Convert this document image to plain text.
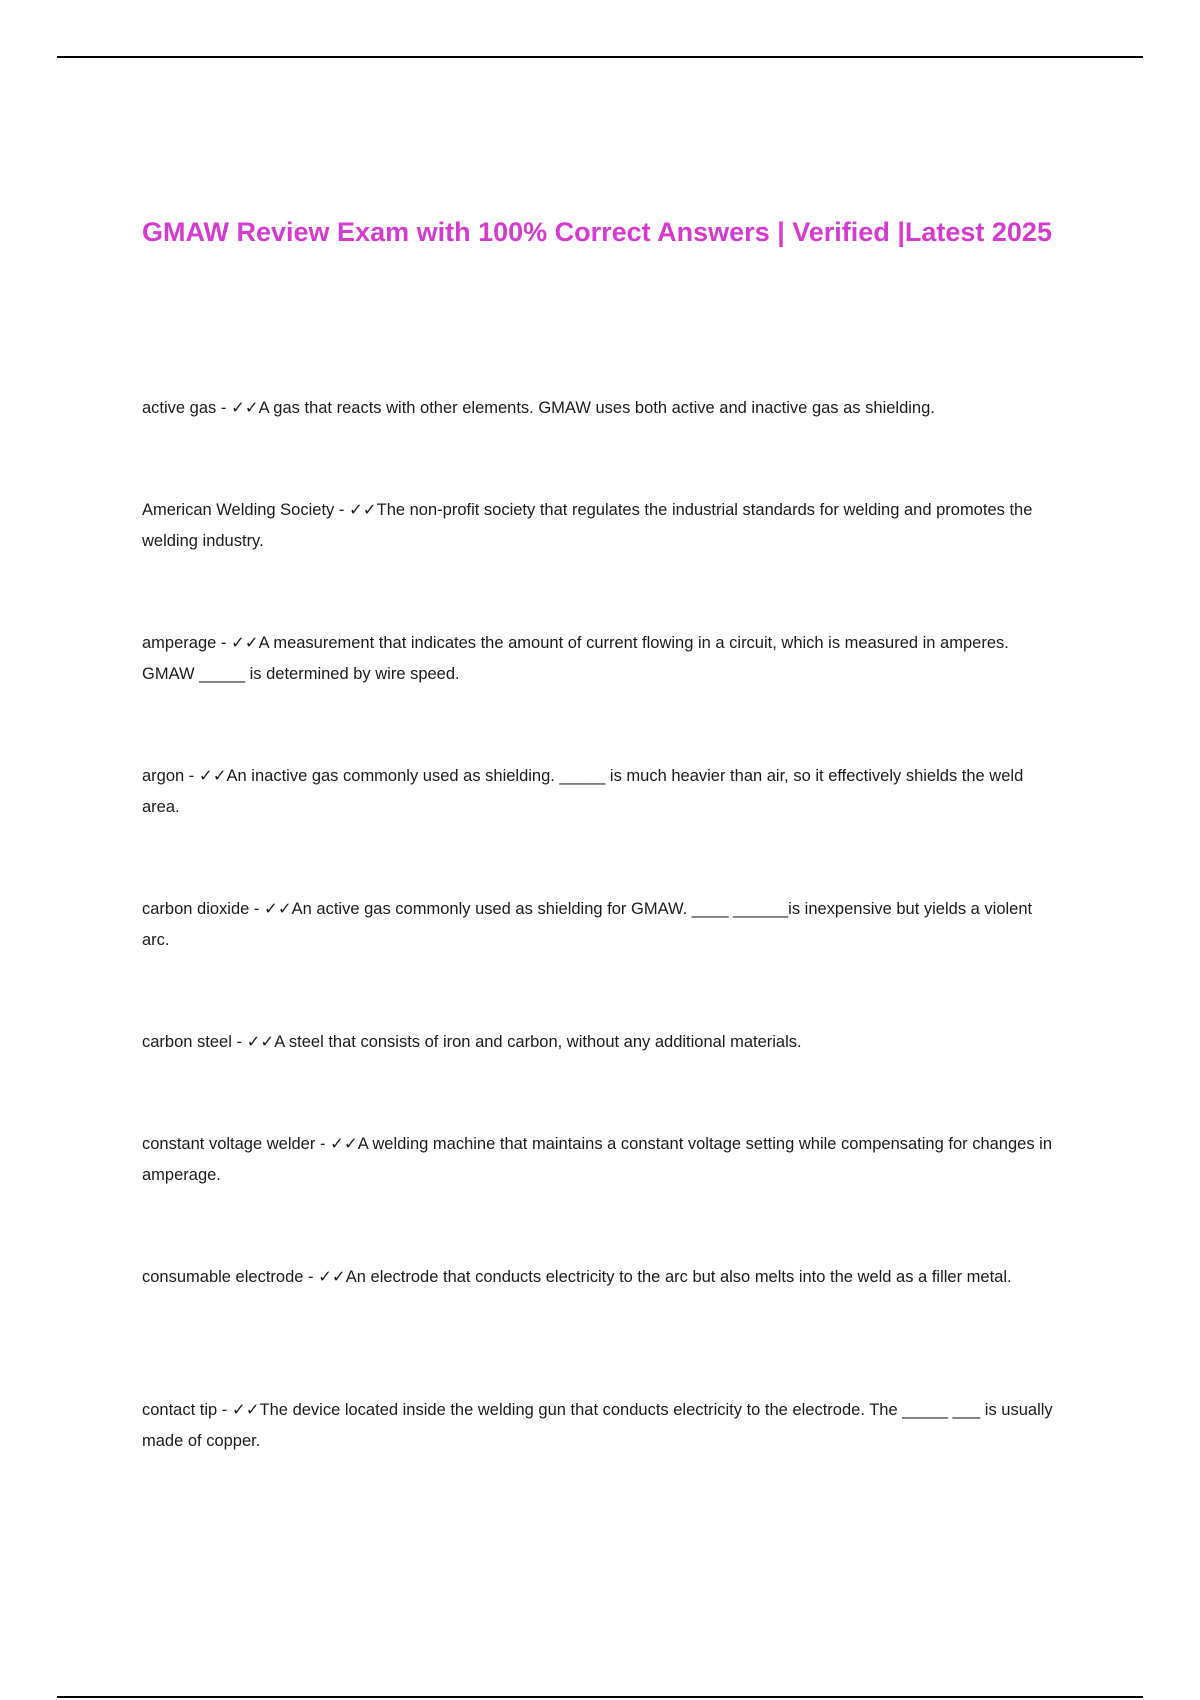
GMAW Review Exam with 100% Correct Answers | Verified |Latest 2025

active gas - ✓✓A gas that reacts with other elements. GMAW uses both active and inactive gas as shielding.

American Welding Society - ✓✓The non-profit society that regulates the industrial standards for welding and promotes the welding industry.

amperage - ✓✓A measurement that indicates the amount of current flowing in a circuit, which is measured in amperes. GMAW _____ is determined by wire speed.

argon - ✓✓An inactive gas commonly used as shielding. _____ is much heavier than air, so it effectively shields the weld area.

carbon dioxide - ✓✓An active gas commonly used as shielding for GMAW. ____ ______is inexpensive but yields a violent arc.

carbon steel - ✓✓A steel that consists of iron and carbon, without any additional materials.

constant voltage welder - ✓✓A welding machine that maintains a constant voltage setting while compensating for changes in amperage.

consumable electrode - ✓✓An electrode that conducts electricity to the arc but also melts into the weld as a filler metal.

contact tip - ✓✓The device located inside the welding gun that conducts electricity to the electrode. The _____ ___ is usually made of copper.
